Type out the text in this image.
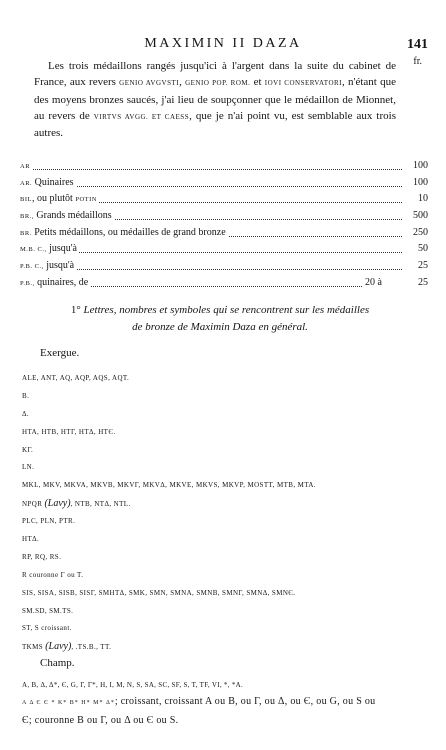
MAXIMIN II DAZA	141
fr.

Les trois médaillons rangés jusqu'ici à l'argent dans la suite du cabinet de France, aux revers GENIO AVGVSTI, GENIO POP. ROM. et IOVI CONSERVATORI, n'étant que des moyens bronzes saucés, j'ai lieu de soupçonner que le médaillon de Mionnet, au revers de VIRTVS AVGG. ET CAESS, que je n'ai point vu, est semblable aux trois autres.

AR	100
AR. Quinaires	100
BIL, ou plutôt POTIN	10
BR., Grands médaillons	500
BR. Petits médaillons, ou médailles de grand bronze	250
M.B. C., jusqu'à	50
P.B. C., jusqu'à	25
P.B., quinaires, de	20 à	25
1° Lettres, nombres et symboles qui se rencontrent sur les médailles
de bronze de Maximin Daza en général.
Exergue.
ALE, ANT, AQ, AQP, AQS, AQT.
B.
Δ.
HTA, HTB, HTΓ, HTΔ, HTЄ.
KΓ.
LN.
MKL, MKV, MKVA, MKVB, MKVΓ, MKVΔ, MKVE, MKVS, MKVP, MOSTT, MTB, MTA.
NPQR (Lavy), NTB, NTΔ, NTL.
PLC, PLN, PTR.
HTΔ.
RP, RQ, RS.
R couronne Γ ou T.
SIS, SISA, SISB, SISΓ, SMHTΔ, SMK, SMN, SMNA, SMNB, SMNΓ, SMNΔ, SMNЄ.
SM.SD, SM.TS.
ST, S croissant.
TKMS (Lavy), .TS.B., TT.
Champ.
A, B, Δ, Δ*, Є, G, Γ, Γ*, H, I, M, N, S, SA, SC, SF, S, T, TF, VI, *, *A.
A Δ Є Є * K* B* H* M* Δ*; croissant, croissant A ou B, ou Γ, ou Δ, ou Є, ou G, ou S ou
Є; couronne B ou Γ, ou Δ ou Є ou S.
